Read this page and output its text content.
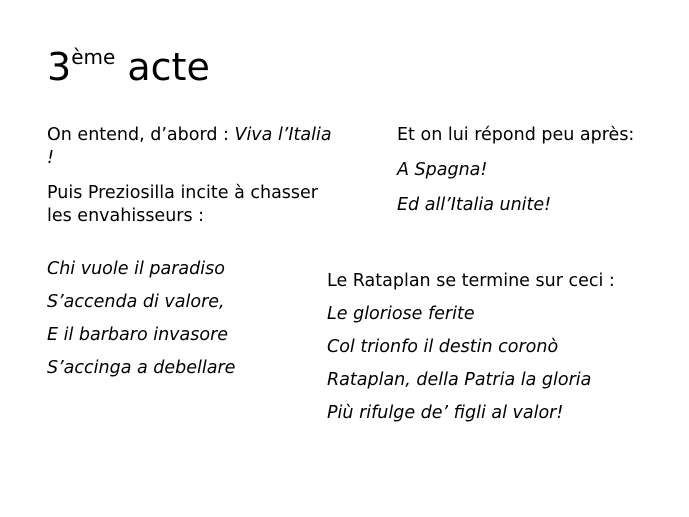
3ème acte

On entend, d’abord : Viva l’Italia !

Puis Preziosilla incite à chasser les envahisseurs :

Et on lui répond peu après:

A Spagna!

Ed all’Italia unite!

Chi vuole il paradiso

S’accenda di valore,

E il barbaro invasore

S’accinga a debellare

Le Rataplan se termine sur ceci :

Le gloriose ferite

Col trionfo il destin coronò

Rataplan, della Patria la gloria

Più rifulge de’ figli al valor!
